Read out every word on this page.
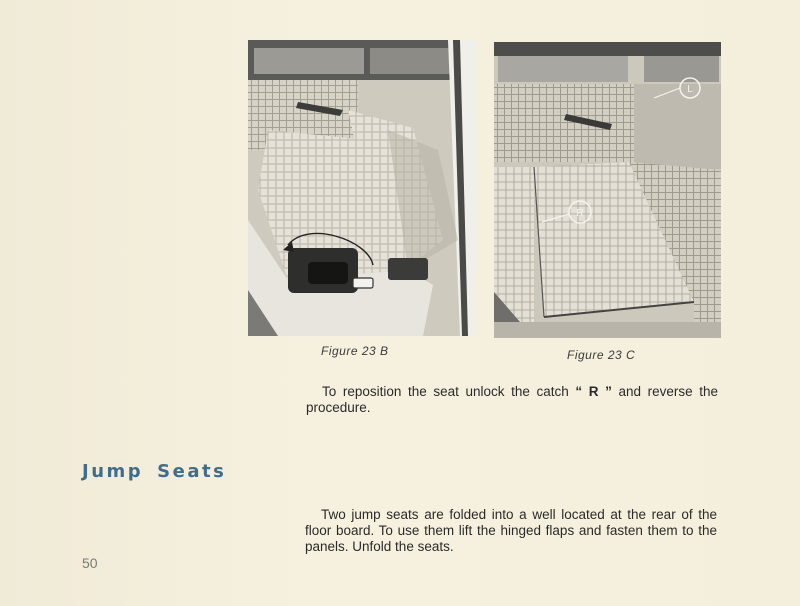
L
R
Figure 23 B	Figure 23 C
To reposition the seat unlock the catch “ R ” and reverse the procedure.
Jump Seats
Two jump seats are folded into a well located at the rear of the floor board. To use them lift the hinged flaps and fasten them to the panels. Unfold the seats.
50
